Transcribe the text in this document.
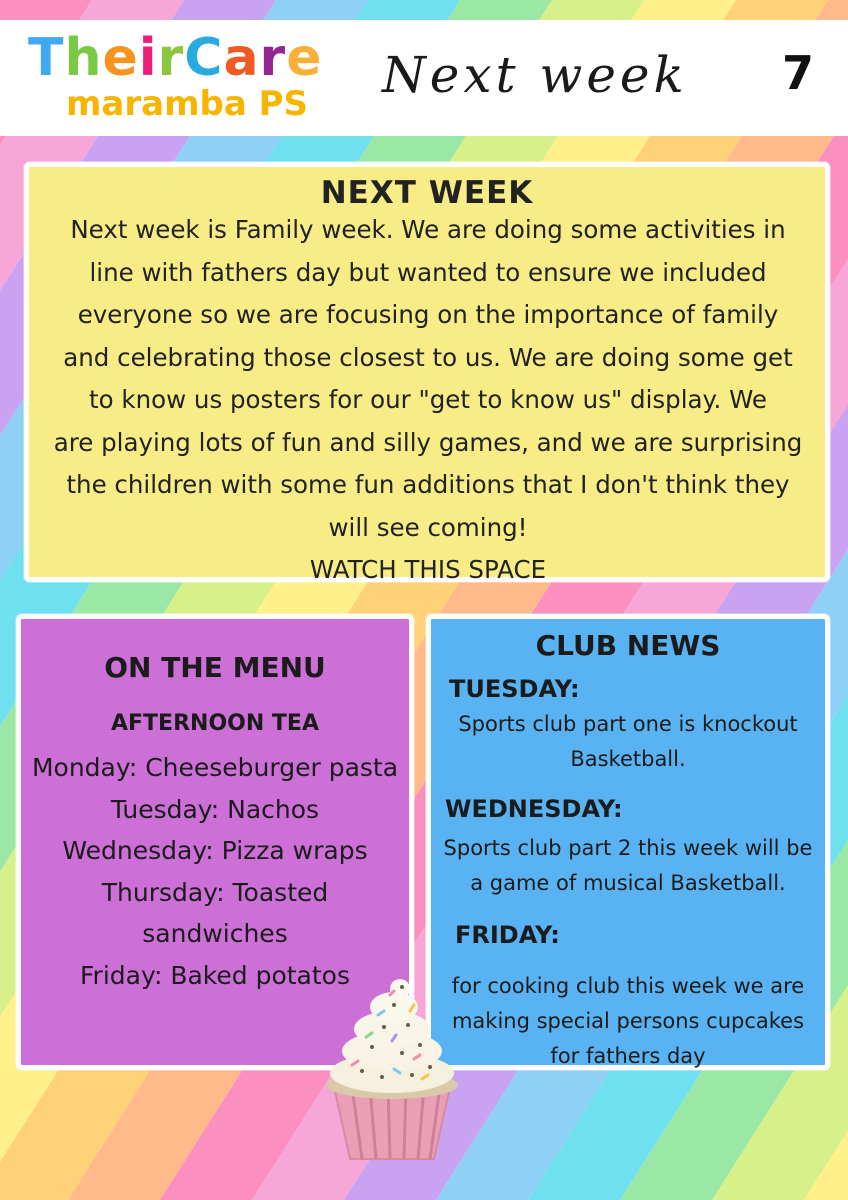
TheirCare
maramba PS Next week 7
NEXT WEEK
Next week is Family week. We are doing some activities in
line with fathers day but wanted to ensure we included
everyone so we are focusing on the importance of family
and celebrating those closest to us. We are doing some get
to know us posters for our "get to know us" display. We
are playing lots of fun and silly games, and we are surprising
the children with some fun additions that I don't think they
will see coming!
WATCH THIS SPACE
ON THE MENU
AFTERNOON TEA
Monday: Cheeseburger pasta
Tuesday: Nachos
Wednesday: Pizza wraps
Thursday: Toasted
sandwiches
Friday: Baked potatos
CLUB NEWS
TUESDAY:
Sports club part one is knockout
Basketball.
WEDNESDAY:
Sports club part 2 this week will be
a game of musical Basketball.
FRIDAY:
for cooking club this week we are
making special persons cupcakes
for fathers day
